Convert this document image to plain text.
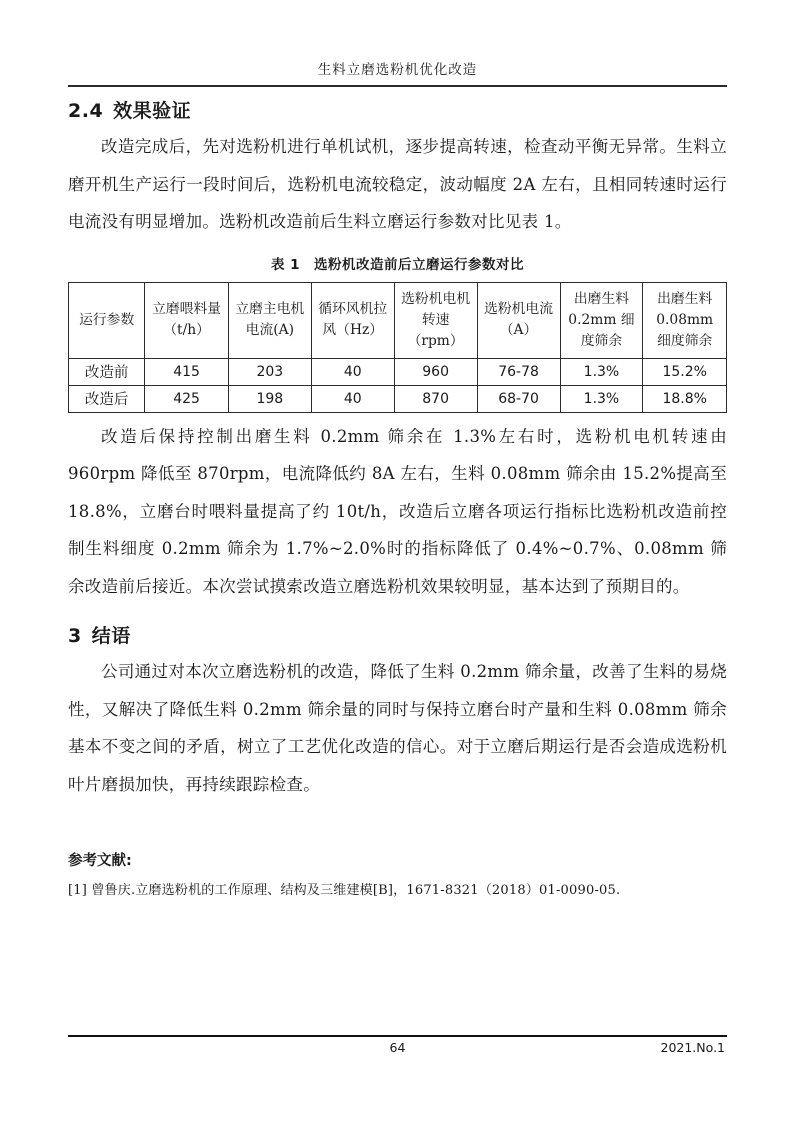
生料立磨选粉机优化改造
2.4 效果验证

改造完成后，先对选粉机进行单机试机，逐步提高转速，检查动平衡无异常。生料立磨开机生产运行一段时间后，选粉机电流较稳定，波动幅度 2A 左右，且相同转速时运行电流没有明显增加。选粉机改造前后生料立磨运行参数对比见表 1。

表 1 选粉机改造前后立磨运行参数对比
运行参数	立磨喂料量（t/h）	立磨主电机电流(A)	循环风机拉风（Hz）	选粉机电机转速（rpm）	选粉机电流（A）	出磨生料0.2mm 细度筛余	出磨生料0.08mm 细度筛余
改造前	415	203	40	960	76-78	1.3%	15.2%
改造后	425	198	40	870	68-70	1.3%	18.8%

改造后保持控制出磨生料 0.2mm 筛余在 1.3%左右时，选粉机电机转速由 960rpm 降低至 870rpm，电流降低约 8A 左右，生料 0.08mm 筛余由 15.2%提高至 18.8%，立磨台时喂料量提高了约 10t/h，改造后立磨各项运行指标比选粉机改造前控制生料细度 0.2mm 筛余为 1.7%~2.0%时的指标降低了 0.4%~0.7%、0.08mm 筛余改造前后接近。本次尝试摸索改造立磨选粉机效果较明显，基本达到了预期目的。

3 结语

公司通过对本次立磨选粉机的改造，降低了生料 0.2mm 筛余量，改善了生料的易烧性，又解决了降低生料 0.2mm 筛余量的同时与保持立磨台时产量和生料 0.08mm 筛余基本不变之间的矛盾，树立了工艺优化改造的信心。对于立磨后期运行是否会造成选粉机叶片磨损加快，再持续跟踪检查。

参考文献:
[1] 曾鲁庆.立磨选粉机的工作原理、结构及三维建模[B]，1671-8321（2018）01-0090-05.
64	2021.No.1
